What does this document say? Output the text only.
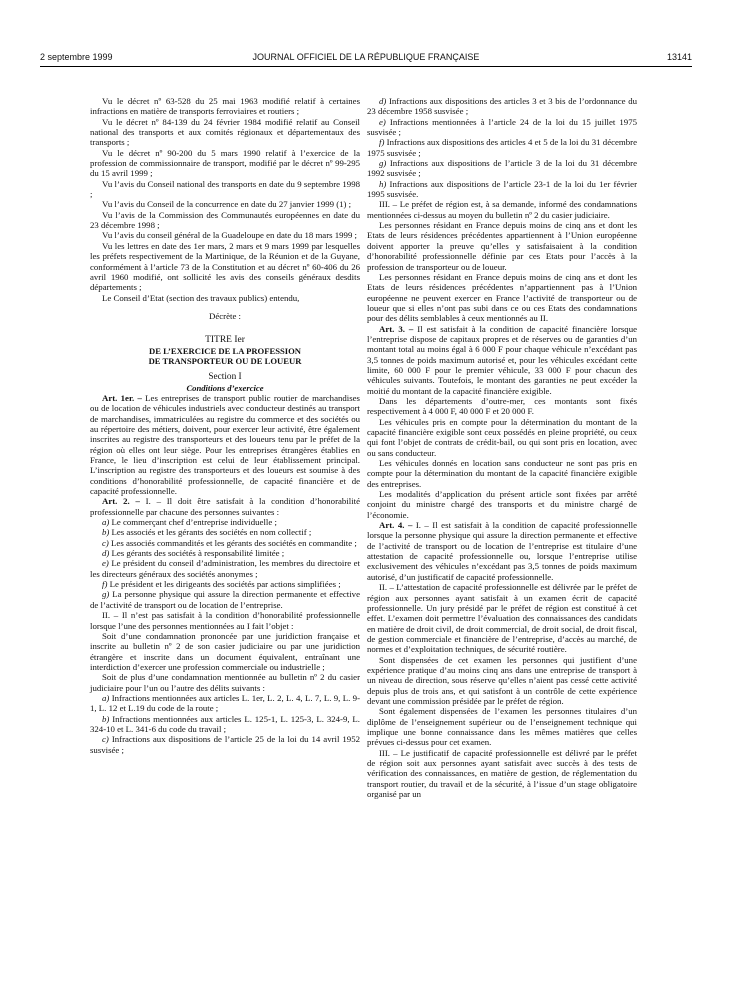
2 septembre 1999	JOURNAL OFFICIEL DE LA RÉPUBLIQUE FRANÇAISE	13141

Vu le décret nº 63-528 du 25 mai 1963 modifié relatif à certaines infractions en matière de transports ferroviaires et routiers ;

Vu le décret nº 84-139 du 24 février 1984 modifié relatif au Conseil national des transports et aux comités régionaux et départementaux des transports ;

Vu le décret nº 90-200 du 5 mars 1990 relatif à l’exercice de la profession de commissionnaire de transport, modifié par le décret nº 99-295 du 15 avril 1999 ;

Vu l’avis du Conseil national des transports en date du 9 septembre 1998 ;

Vu l’avis du Conseil de la concurrence en date du 27 janvier 1999 (1) ;

Vu l’avis de la Commission des Communautés européennes en date du 23 décembre 1998 ;

Vu l’avis du conseil général de la Guadeloupe en date du 18 mars 1999 ;

Vu les lettres en date des 1er mars, 2 mars et 9 mars 1999 par lesquelles les préfets respectivement de la Martinique, de la Réunion et de la Guyane, conformément à l’article 73 de la Constitution et au décret nº 60-406 du 26 avril 1960 modifié, ont sollicité les avis des conseils généraux desdits départements ;

Le Conseil d’Etat (section des travaux publics) entendu,

Décrète :

TITRE Ier

DE L’EXERCICE DE LA PROFESSION

DE TRANSPORTEUR OU DE LOUEUR

Section I

Conditions d’exercice

Art. 1er. – Les entreprises de transport public routier de marchandises ou de location de véhicules industriels avec conducteur destinés au transport de marchandises, immatriculées au registre du commerce et des sociétés ou au répertoire des métiers, doivent, pour exercer leur activité, être également inscrites au registre des transporteurs et des loueurs tenu par le préfet de la région où elles ont leur siège. Pour les entreprises étrangères établies en France, le lieu d’inscription est celui de leur établissement principal. L’inscription au registre des transporteurs et des loueurs est soumise à des conditions d’honorabilité professionnelle, de capacité financière et de capacité professionnelle.

Art. 2. – I. – Il doit être satisfait à la condition d’honorabilité professionnelle par chacune des personnes suivantes :

a) Le commerçant chef d’entreprise individuelle ;

b) Les associés et les gérants des sociétés en nom collectif ;

c) Les associés commandités et les gérants des sociétés en commandite ;

d) Les gérants des sociétés à responsabilité limitée ;

e) Le président du conseil d’administration, les membres du directoire et les directeurs généraux des sociétés anonymes ;

f) Le président et les dirigeants des sociétés par actions simplifiées ;

g) La personne physique qui assure la direction permanente et effective de l’activité de transport ou de location de l’entreprise.

II. – Il n’est pas satisfait à la condition d’honorabilité professionnelle lorsque l’une des personnes mentionnées au I fait l’objet :

Soit d’une condamnation prononcée par une juridiction française et inscrite au bulletin nº 2 de son casier judiciaire ou par une juridiction étrangère et inscrite dans un document équivalent, entraînant une interdiction d’exercer une profession commerciale ou industrielle ;

Soit de plus d’une condamnation mentionnée au bulletin nº 2 du casier judiciaire pour l’un ou l’autre des délits suivants :

a) Infractions mentionnées aux articles L. 1er, L. 2, L. 4, L. 7, L. 9, L. 9-1, L. 12 et L.19 du code de la route ;

b) Infractions mentionnées aux articles L. 125-1, L. 125-3, L. 324-9, L. 324-10 et L. 341-6 du code du travail ;

c) Infractions aux dispositions de l’article 25 de la loi du 14 avril 1952 susvisée ;

d) Infractions aux dispositions des articles 3 et 3 bis de l’ordonnance du 23 décembre 1958 susvisée ;

e) Infractions mentionnées à l’article 24 de la loi du 15 juillet 1975 susvisée ;

f) Infractions aux dispositions des articles 4 et 5 de la loi du 31 décembre 1975 susvisée ;

g) Infractions aux dispositions de l’article 3 de la loi du 31 décembre 1992 susvisée ;

h) Infractions aux dispositions de l’article 23-1 de la loi du 1er février 1995 susvisée.

III. – Le préfet de région est, à sa demande, informé des condamnations mentionnées ci-dessus au moyen du bulletin nº 2 du casier judiciaire.

Les personnes résidant en France depuis moins de cinq ans et dont les Etats de leurs résidences précédentes appartiennent à l’Union européenne doivent apporter la preuve qu’elles y satisfaisaient à la condition d’honorabilité professionnelle définie par ces Etats pour l’accès à la profession de transporteur ou de loueur.

Les personnes résidant en France depuis moins de cinq ans et dont les Etats de leurs résidences précédentes n’appartiennent pas à l’Union européenne ne peuvent exercer en France l’activité de transporteur ou de loueur que si elles n’ont pas subi dans ce ou ces Etats des condamnations pour des délits semblables à ceux mentionnés au II.

Art. 3. – Il est satisfait à la condition de capacité financière lorsque l’entreprise dispose de capitaux propres et de réserves ou de garanties d’un montant total au moins égal à 6 000 F pour chaque véhicule n’excédant pas 3,5 tonnes de poids maximum autorisé et, pour les véhicules excédant cette limite, 60 000 F pour le premier véhicule, 33 000 F pour chacun des véhicules suivants. Toutefois, le montant des garanties ne peut excéder la moitié du montant de la capacité financière exigible.

Dans les départements d’outre-mer, ces montants sont fixés respectivement à 4 000 F, 40 000 F et 20 000 F.

Les véhicules pris en compte pour la détermination du montant de la capacité financière exigible sont ceux possédés en pleine propriété, ou ceux qui font l’objet de contrats de crédit-bail, ou qui sont pris en location, avec ou sans conducteur.

Les véhicules donnés en location sans conducteur ne sont pas pris en compte pour la détermination du montant de la capacité financière exigible des entreprises.

Les modalités d’application du présent article sont fixées par arrêté conjoint du ministre chargé des transports et du ministre chargé de l’économie.

Art. 4. – I. – Il est satisfait à la condition de capacité professionnelle lorsque la personne physique qui assure la direction permanente et effective de l’activité de transport ou de location de l’entreprise est titulaire d’une attestation de capacité professionnelle ou, lorsque l’entreprise utilise exclusivement des véhicules n’excédant pas 3,5 tonnes de poids maximum autorisé, d’un justificatif de capacité professionnelle.

II. – L’attestation de capacité professionnelle est délivrée par le préfet de région aux personnes ayant satisfait à un examen écrit de capacité professionnelle. Un jury présidé par le préfet de région est constitué à cet effet. L’examen doit permettre l’évaluation des connaissances des candidats en matière de droit civil, de droit commercial, de droit social, de droit fiscal, de gestion commerciale et financière de l’entreprise, d’accès au marché, de normes et d’exploitation techniques, de sécurité routière.

Sont dispensées de cet examen les personnes qui justifient d’une expérience pratique d’au moins cinq ans dans une entreprise de transport à un niveau de direction, sous réserve qu’elles n’aient pas cessé cette activité depuis plus de trois ans, et qui satisfont à un contrôle de cette expérience devant une commission présidée par le préfet de région.

Sont également dispensées de l’examen les personnes titulaires d’un diplôme de l’enseignement supérieur ou de l’enseignement technique qui implique une bonne connaissance dans les mêmes matières que celles prévues ci-dessus pour cet examen.

III. – Le justificatif de capacité professionnelle est délivré par le préfet de région soit aux personnes ayant satisfait avec succès à des tests de vérification des connaissances, en matière de gestion, de réglementation du transport routier, du travail et de la sécurité, à l’issue d’un stage obligatoire organisé par un
